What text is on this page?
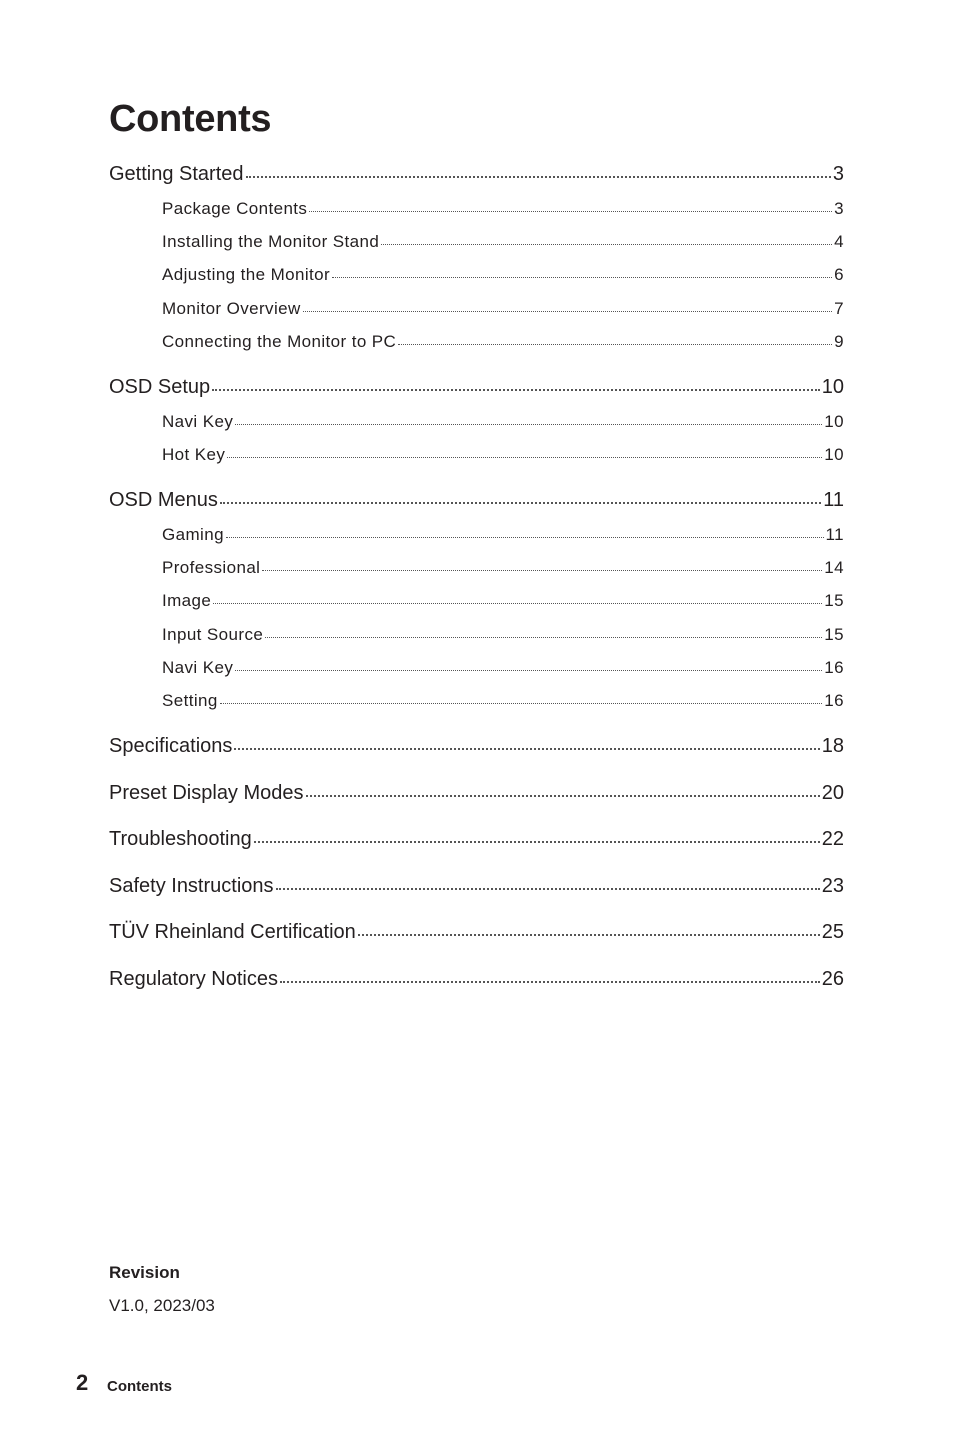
Contents
Getting Started	3
Package Contents	3
Installing the Monitor Stand	4
Adjusting the Monitor	6
Monitor Overview	7
Connecting the Monitor to PC	9
OSD Setup	10
Navi Key	10
Hot Key	10
OSD Menus	11
Gaming	11
Professional	14
Image	15
Input Source	15
Navi Key	16
Setting	16
Specifications	18
Preset Display Modes	20
Troubleshooting	22
Safety Instructions	23
TÜV Rheinland Certification	25
Regulatory Notices	26

Revision

V1.0, 2023/03

2 Contents
